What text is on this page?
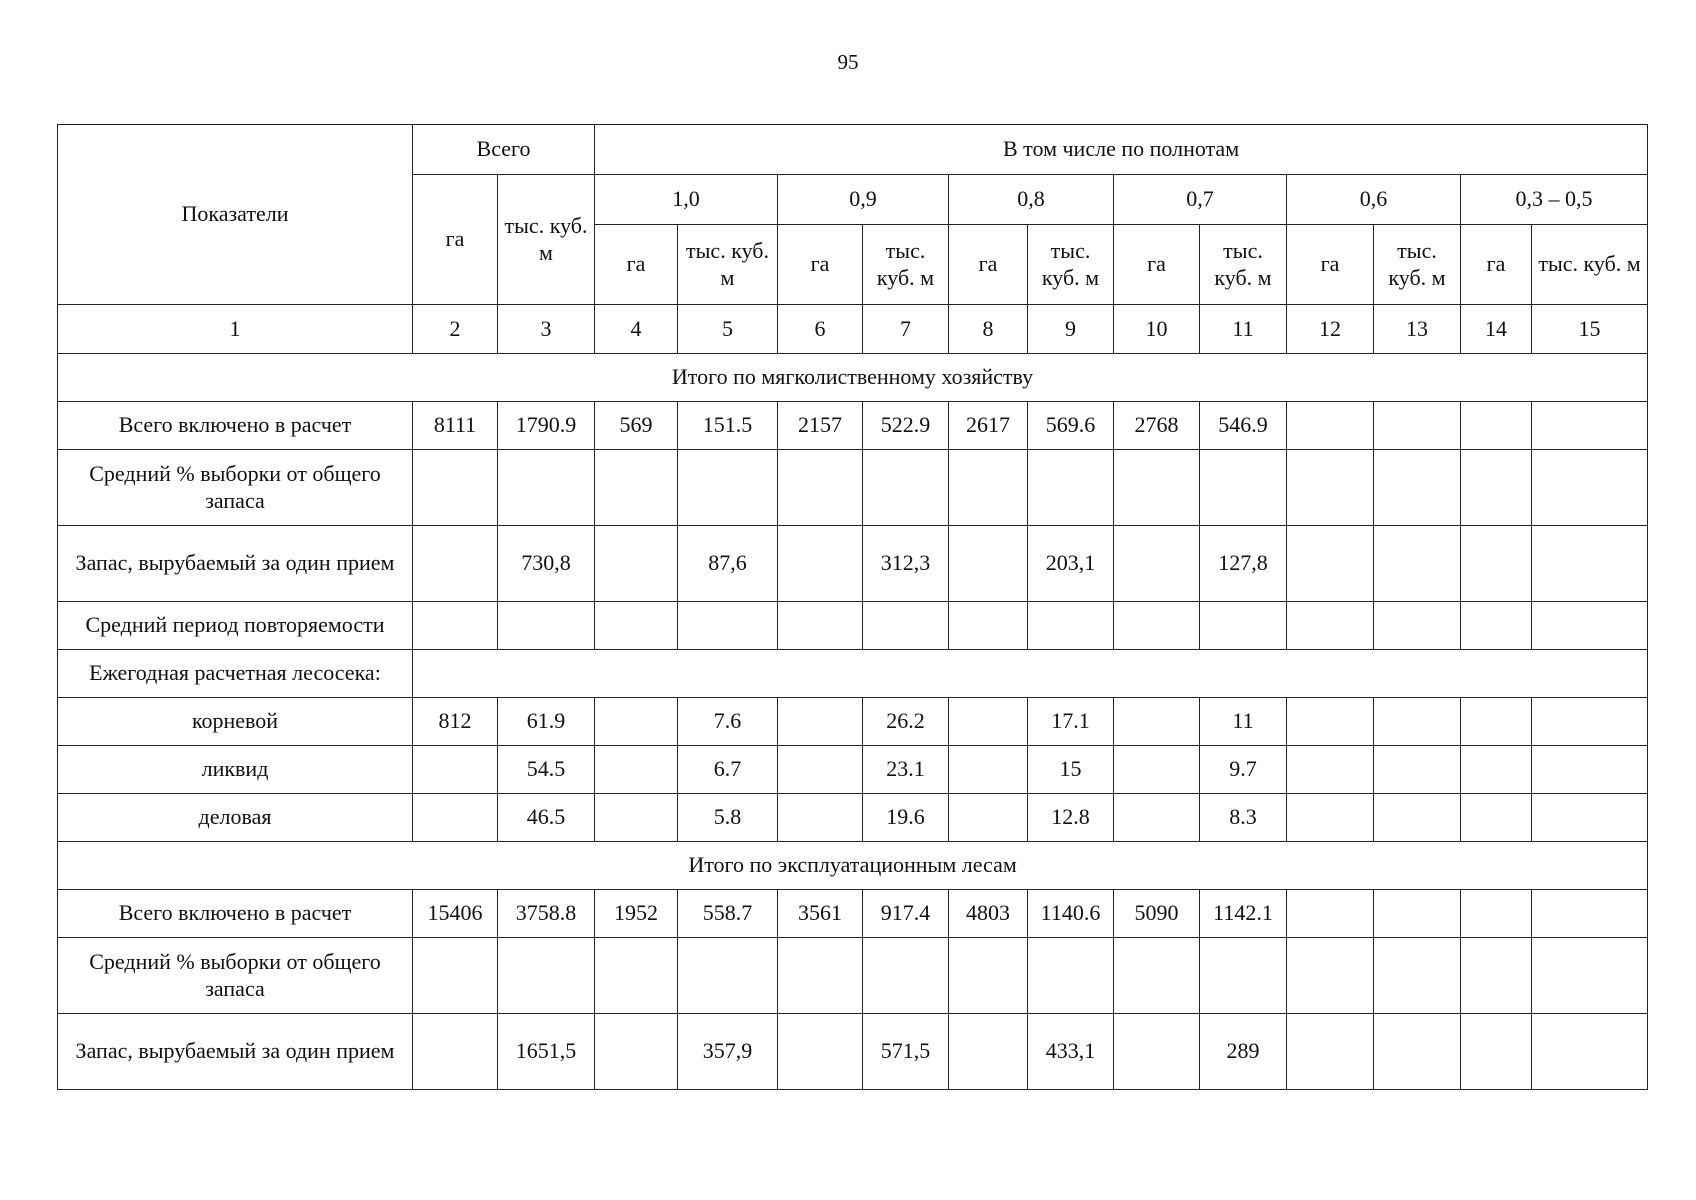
95
Показатели	Всего		В том числе по полнотам											
	га	тыс. куб. м	1,0		0,9		0,8		0,7		0,6		0,3 – 0,5	
			га	тыс. куб. м	га	тыс. куб. м	га	тыс. куб. м	га	тыс. куб. м	га	тыс. куб. м	га	тыс. куб. м
1	2	3	4	5	6	7	8	9	10	11	12	13	14	15
Итого по мягколиственному хозяйству														
Всего включено в расчет	8111	1790.9	569	151.5	2157	522.9	2617	569.6	2768	546.9				
Средний % выборки от общего запаса														
Запас, вырубаемый за один прием		730,8		87,6		312,3		203,1		127,8				
Средний период повторяемости														
Ежегодная расчетная лесосека:														
корневой	812	61.9		7.6		26.2		17.1		11				
ликвид		54.5		6.7		23.1		15		9.7				
деловая		46.5		5.8		19.6		12.8		8.3				
Итого по эксплуатационным лесам														
Всего включено в расчет	15406	3758.8	1952	558.7	3561	917.4	4803	1140.6	5090	1142.1				
Средний % выборки от общего запаса														
Запас, вырубаемый за один прием		1651,5		357,9		571,5		433,1		289				
